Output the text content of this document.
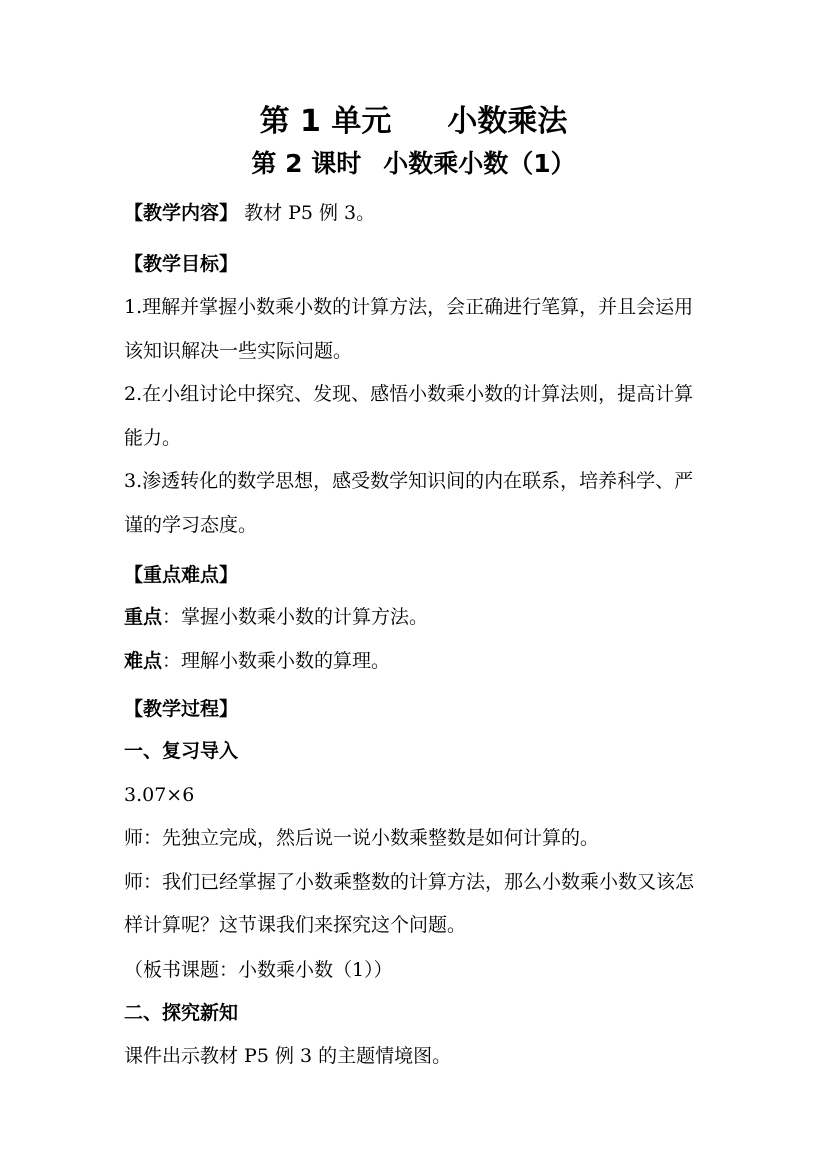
第 1 单元 小数乘法
第 2 课时 小数乘小数（1）
【教学内容】 教材 P5 例 3。
【教学目标】
1.理解并掌握小数乘小数的计算方法，会正确进行笔算，并且会运用
该知识解决一些实际问题。
2.在小组讨论中探究、发现、感悟小数乘小数的计算法则，提高计算
能力。
3.渗透转化的数学思想，感受数学知识间的内在联系，培养科学、严
谨的学习态度。
【重点难点】
重点：掌握小数乘小数的计算方法。
难点：理解小数乘小数的算理。
【教学过程】
一、复习导入
3.07×6
师：先独立完成，然后说一说小数乘整数是如何计算的。
师：我们已经掌握了小数乘整数的计算方法，那么小数乘小数又该怎
样计算呢？这节课我们来探究这个问题。
（板书课题：小数乘小数（1））
二、探究新知
课件出示教材 P5 例 3 的主题情境图。
